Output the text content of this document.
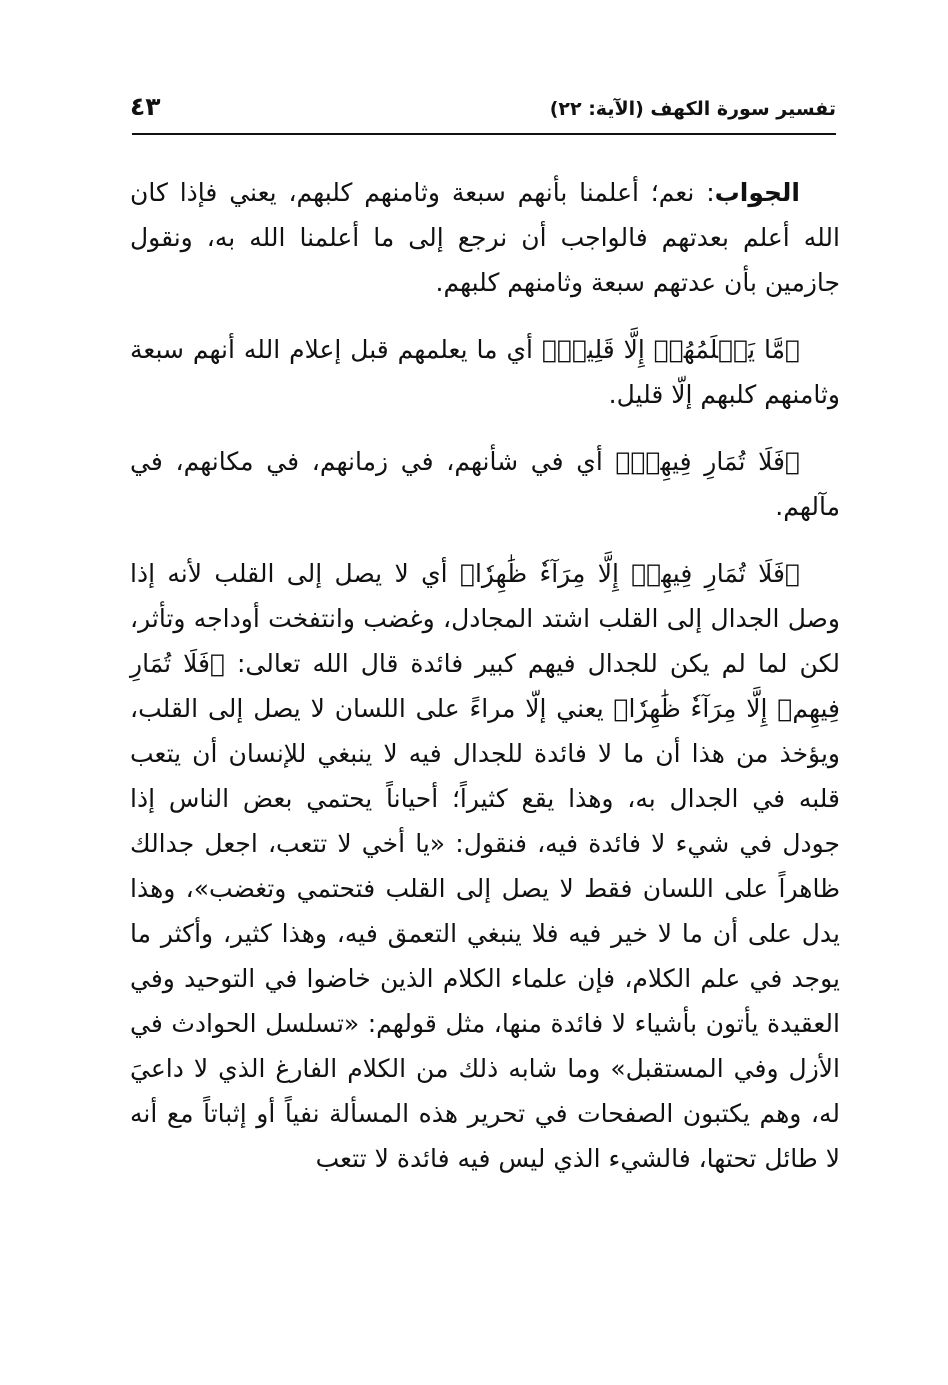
تفسير سورة الكهف (الآية: ٢٢)
٤٣

الجواب: نعم؛ أعلمنا بأنهم سبعة وثامنهم كلبهم، يعني فإذا كان الله أعلم بعدتهم فالواجب أن نرجع إلى ما أعلمنا الله به، ونقول جازمين بأن عدتهم سبعة وثامنهم كلبهم.

﴿مَّا يَعۡلَمُهُمۡ إِلَّا قَلِيلٞ﴾ أي ما يعلمهم قبل إعلام الله أنهم سبعة وثامنهم كلبهم إلّا قليل.

﴿فَلَا تُمَارِ فِيهِمۡ﴾ أي في شأنهم، في زمانهم، في مكانهم، في مآلهم.

﴿فَلَا تُمَارِ فِيهِمۡ إِلَّا مِرَآءٗ ظَٰهِرٗا﴾ أي لا يصل إلى القلب لأنه إذا وصل الجدال إلى القلب اشتد المجادل، وغضب وانتفخت أوداجه وتأثر، لكن لما لم يكن للجدال فيهم كبير فائدة قال الله تعالى: ﴿فَلَا تُمَارِ فِيهِمۡ إِلَّا مِرَآءٗ ظَٰهِرٗا﴾ يعني إلّا مراءً على اللسان لا يصل إلى القلب، ويؤخذ من هذا أن ما لا فائدة للجدال فيه لا ينبغي للإنسان أن يتعب قلبه في الجدال به، وهذا يقع كثيراً؛ أحياناً يحتمي بعض الناس إذا جودل في شيء لا فائدة فيه، فنقول: «يا أخي لا تتعب، اجعل جدالك ظاهراً على اللسان فقط لا يصل إلى القلب فتحتمي وتغضب»، وهذا يدل على أن ما لا خير فيه فلا ينبغي التعمق فيه، وهذا كثير، وأكثر ما يوجد في علم الكلام، فإن علماء الكلام الذين خاضوا في التوحيد وفي العقيدة يأتون بأشياء لا فائدة منها، مثل قولهم: «تسلسل الحوادث في الأزل وفي المستقبل» وما شابه ذلك من الكلام الفارغ الذي لا داعيَ له، وهم يكتبون الصفحات في تحرير هذه المسألة نفياً أو إثباتاً مع أنه لا طائل تحتها، فالشيء الذي ليس فيه فائدة لا تتعب
